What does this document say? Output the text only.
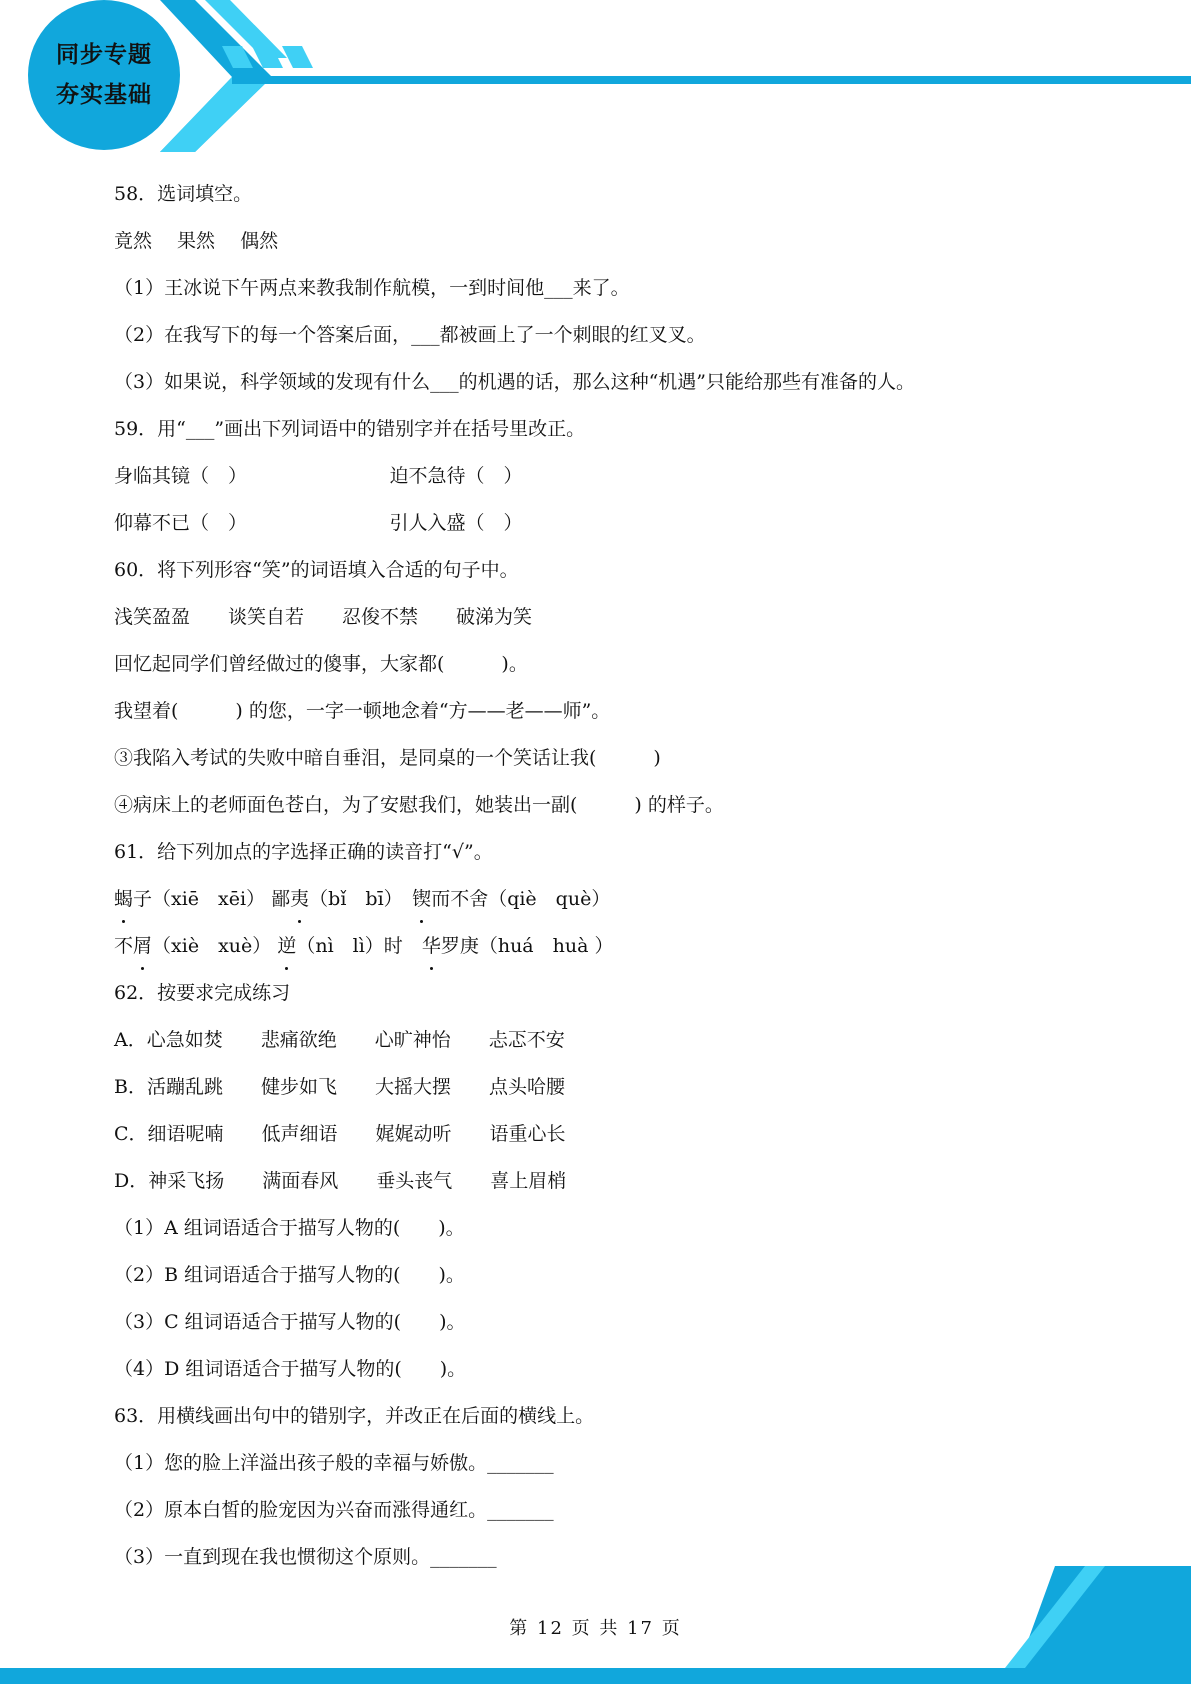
同步专题
夯实基础
58．选词填空。
竟然　 果然　 偶然
（1）王冰说下午两点来教我制作航模，一到时间他___来了。
（2）在我写下的每一个答案后面，___都被画上了一个刺眼的红叉叉。
（3）如果说，科学领域的发现有什么___的机遇的话，那么这种“机遇”只能给那些有准备的人。
59．用“___”画出下列词语中的错别字并在括号里改正。
身临其镜（　）　　　　　　　　迫不急待（　）
仰幕不已（　）　　　　　　　　引人入盛（　）
60．将下列形容“笑”的词语填入合适的句子中。
浅笑盈盈　　谈笑自若　　忍俊不禁　　破涕为笑
回忆起同学们曾经做过的傻事，大家都(　　　)。
我望着(　　　) 的您，一字一顿地念着“方——老——师”。
③我陷入考试的失败中暗自垂泪，是同桌的一个笑话让我(　　　)
④病床上的老师面色苍白，为了安慰我们，她装出一副(　　　) 的样子。
61．给下列加点的字选择正确的读音打“√”。
蝎子（xiē　xēi） 鄙夷（bǐ　bī）　 锲而不舍（qiè　què）
不屑（xiè　xuè） 逆（nì　lì）时　 华罗庚（huá　huà ）
62．按要求完成练习
A．心急如焚　　悲痛欲绝　　心旷神怡　　忐忑不安
B．活蹦乱跳　　健步如飞　　大摇大摆　　点头哈腰
C．细语呢喃　　低声细语　　娓娓动听　　语重心长
D．神采飞扬　　满面春风　　垂头丧气　　喜上眉梢
（1）A 组词语适合于描写人物的(　　)。
（2）B 组词语适合于描写人物的(　　)。
（3）C 组词语适合于描写人物的(　　)。
（4）D 组词语适合于描写人物的(　　)。
63．用横线画出句中的错别字，并改正在后面的横线上。
（1）您的脸上洋溢出孩子般的幸福与娇傲。_______
（2）原本白皙的脸宠因为兴奋而涨得通红。_______
（3）一直到现在我也惯彻这个原则。_______
第 12 页 共 17 页
